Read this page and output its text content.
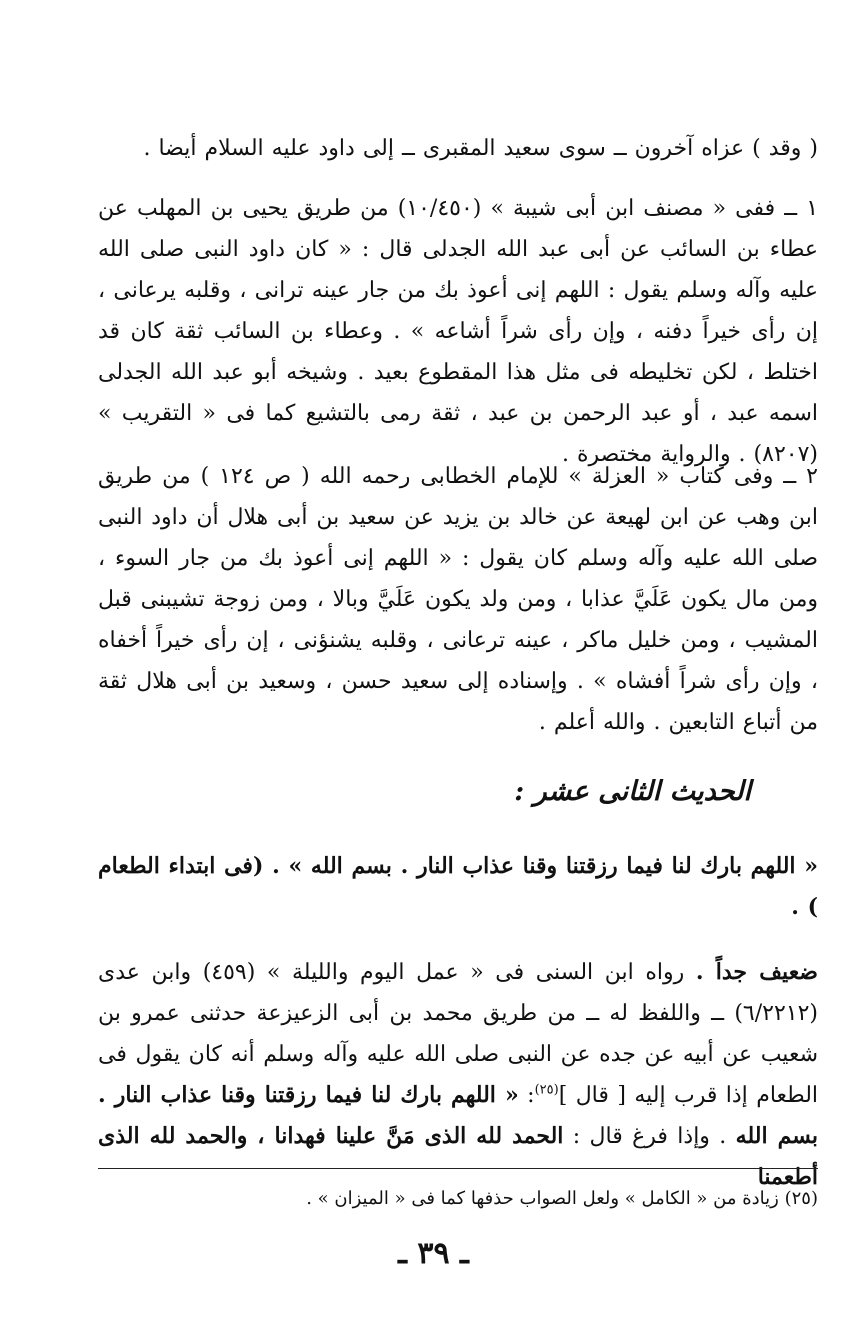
( وقد ) عزاه آخرون ــ سوى سعيد المقبرى ــ إلى داود عليه السلام أيضا .

١ ــ ففى « مصنف ابن أبى شيبة » (١٠/٤٥٠) من طريق يحيى بن المهلب عن عطاء بن السائب عن أبى عبد الله الجدلى قال : « كان داود النبى صلى الله عليه وآله وسلم يقول : اللهم إنى أعوذ بك من جار عينه ترانى ، وقلبه يرعانى ، إن رأى خيراً دفنه ، وإن رأى شراً أشاعه » . وعطاء بن السائب ثقة كان قد اختلط ، لكن تخليطه فى مثل هذا المقطوع بعيد . وشيخه أبو عبد الله الجدلى اسمه عبد ، أو عبد الرحمن بن عبد ، ثقة رمى بالتشيع كما فى « التقريب » (٨٢٠٧) . والرواية مختصرة .

٢ ــ وفى كتاب « العزلة » للإمام الخطابى رحمه الله ( ص ١٢٤ ) من طريق ابن وهب عن ابن لهيعة عن خالد بن يزيد عن سعيد بن أبى هلال أن داود النبى صلى الله عليه وآله وسلم كان يقول : « اللهم إنى أعوذ بك من جار السوء ، ومن مال يكون عَلَيَّ عذابا ، ومن ولد يكون عَلَيَّ وبالا ، ومن زوجة تشيبنى قبل المشيب ، ومن خليل ماكر ، عينه ترعانى ، وقلبه يشنؤنى ، إن رأى خيراً أخفاه ، وإن رأى شراً أفشاه » . وإسناده إلى سعيد حسن ، وسعيد بن أبى هلال ثقة من أتباع التابعين . والله أعلم .

الحديث الثانى عشر :

« اللهم بارك لنا فيما رزقتنا وقنا عذاب النار . بسم الله » . (فى ابتداء الطعام ) .

ضعيف جداً . رواه ابن السنى فى « عمل اليوم والليلة » (٤٥٩) وابن عدى (٦/٢٢١٢) ــ واللفظ له ــ من طريق محمد بن أبى الزعيزعة حدثنى عمرو بن شعيب عن أبيه عن جده عن النبى صلى الله عليه وآله وسلم أنه كان يقول فى الطعام إذا قرب إليه [ قال ]$^{(٢٥)}$: « اللهم بارك لنا فيما رزقتنا وقنا عذاب النار . بسم الله . وإذا فرغ قال : الحمد لله الذى مَنَّ علينا فهدانا ، والحمد لله الذى أطعمنا

(٢٥) زيادة من « الكامل » ولعل الصواب حذفها كما فى « الميزان » .

ـ ٣٩ ـ
